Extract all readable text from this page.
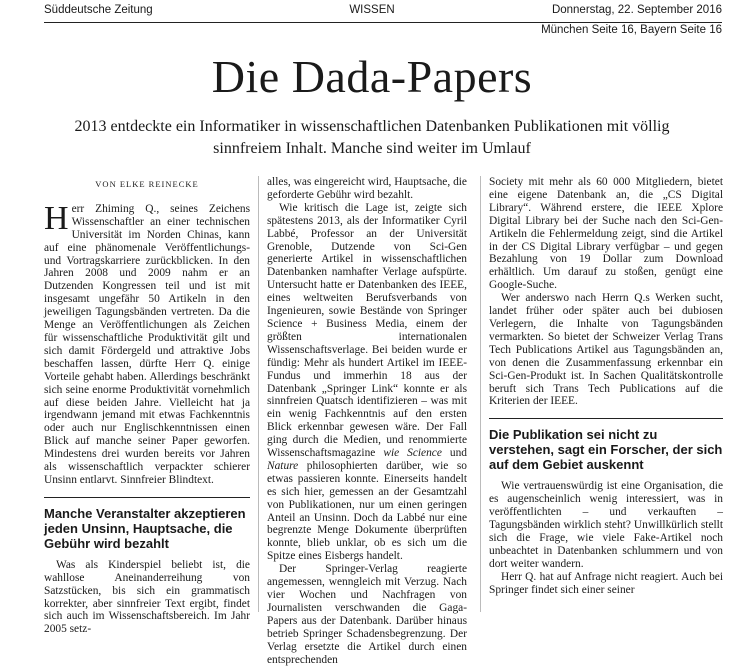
Süddeutsche Zeitung	WISSEN	Donnerstag, 22. September 2016
München Seite 16, Bayern Seite 16
Die Dada-Papers
2013 entdeckte ein Informatiker in wissenschaftlichen Datenbanken Publikationen mit völlig sinnfreiem Inhalt. Manche sind weiter im Umlauf
VON ELKE REINECKE

Herr Zhiming Q., seines Zeichens Wissenschaftler an einer technischen Universität im Norden Chinas, kann auf eine phänomenale Veröffentlichungs- und Vortragskarriere zurückblicken. In den Jahren 2008 und 2009 nahm er an Dutzenden Kongressen teil und ist mit insgesamt ungefähr 50 Artikeln in den jeweiligen Tagungsbänden vertreten. Da die Menge an Veröffentlichungen als Zeichen für wissenschaftliche Produktivität gilt und sich damit Fördergeld und attraktive Jobs beschaffen lassen, dürfte Herr Q. einige Vorteile gehabt haben. Allerdings beschränkt sich seine enorme Produktivität vornehmlich auf diese beiden Jahre. Vielleicht hat ja irgendwann jemand mit etwas Fachkenntnis oder auch nur Englischkenntnissen einen Blick auf manche seiner Paper geworfen. Mindestens drei wurden bereits vor Jahren als wissenschaftlich verpackter schierer Unsinn entlarvt. Sinnfreier Blindtext.

Manche Veranstalter akzeptieren jeden Unsinn, Hauptsache, die Gebühr wird bezahlt

Was als Kinderspiel beliebt ist, die wahllose Aneinanderreihung von Satzstücken, bis sich ein grammatisch korrekter, aber sinnfreier Text ergibt, findet sich auch im Wissenschaftsbereich. Im Jahr 2005 setz-

alles, was eingereicht wird, Hauptsache, die geforderte Gebühr wird bezahlt.

Wie kritisch die Lage ist, zeigte sich spätestens 2013, als der Informatiker Cyril Labbé, Professor an der Universität Grenoble, Dutzende von Sci-Gen generierte Artikel in wissenschaftlichen Datenbanken namhafter Verlage aufspürte. Untersucht hatte er Datenbanken des IEEE, eines weltweiten Berufsverbands von Ingenieuren, sowie Bestände von Springer Science + Business Media, einem der größten internationalen Wissenschaftsverlage. Bei beiden wurde er fündig: Mehr als hundert Artikel im IEEE-Fundus und immerhin 18 aus der Datenbank „Springer Link“ konnte er als sinnfreien Quatsch identifizieren – was mit ein wenig Fachkenntnis auf den ersten Blick erkennbar gewesen wäre. Der Fall ging durch die Medien, und renommierte Wissenschaftsmagazine wie Science und Nature philosophierten darüber, wie so etwas passieren konnte. Einerseits handelt es sich hier, gemessen an der Gesamtzahl von Publikationen, nur um einen geringen Anteil an Unsinn. Doch da Labbé nur eine begrenzte Menge Dokumente überprüften konnte, blieb unklar, ob es sich um die Spitze eines Eisbergs handelt.

Der Springer-Verlag reagierte angemessen, wenngleich mit Verzug. Nach vier Wochen und Nachfragen von Journalisten verschwanden die Gaga-Papers aus der Datenbank. Darüber hinaus betrieb Springer Schadensbegrenzung. Der Verlag ersetzte die Artikel durch einen entsprechenden

Society mit mehr als 60 000 Mitgliedern, bietet eine eigene Datenbank an, die „CS Digital Library“. Während erstere, die IEEE Xplore Digital Library bei der Suche nach den Sci-Gen-Artikeln die Fehlermeldung zeigt, sind die Artikel in der CS Digital Library verfügbar – und gegen Bezahlung von 19 Dollar zum Download erhältlich. Um darauf zu stoßen, genügt eine Google-Suche.

Wer anderswo nach Herrn Q.s Werken sucht, landet früher oder später auch bei dubiosen Verlegern, die Inhalte von Tagungsbänden vermarkten. So bietet der Schweizer Verlag Trans Tech Publications Artikel aus Tagungsbänden an, von denen die Zusammenfassung erkennbar ein Sci-Gen-Produkt ist. In Sachen Qualitätskontrolle beruft sich Trans Tech Publications auf die Kriterien der IEEE.

Die Publikation sei nicht zu verstehen, sagt ein Forscher, der sich auf dem Gebiet auskennt

Wie vertrauenswürdig ist eine Organisation, die es augenscheinlich wenig interessiert, was in veröffentlichten – und verkauften – Tagungsbänden wirklich steht? Unwillkürlich stellt sich die Frage, wie viele Fake-Artikel noch unbeachtet in Datenbanken schlummern und von dort weiter wandern.

Herr Q. hat auf Anfrage nicht reagiert. Auch bei Springer findet sich einer seiner
